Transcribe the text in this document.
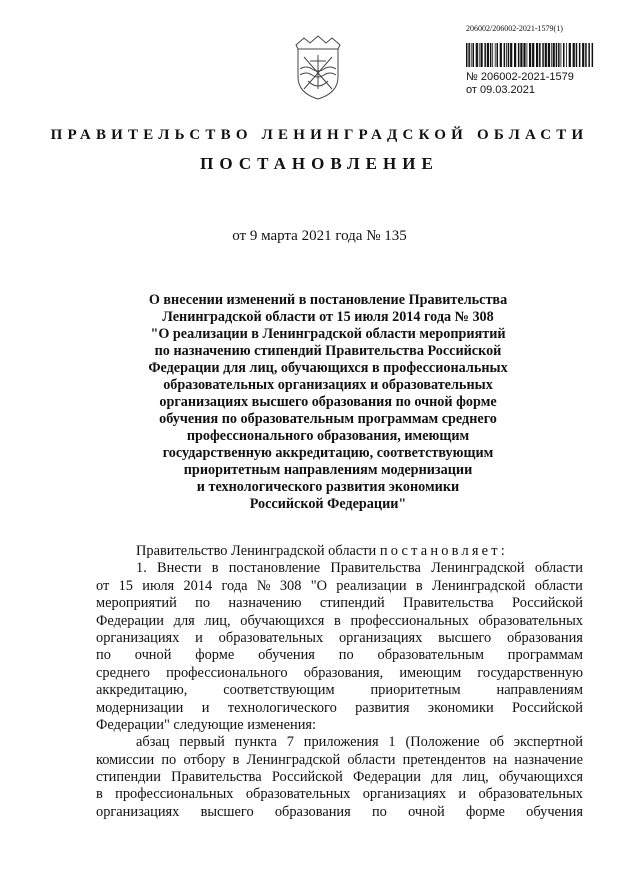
206002/206002-2021-1579(1)
№ 206002-2021-1579
от 09.03.2021
ПРАВИТЕЛЬСТВО ЛЕНИНГРАДСКОЙ ОБЛАСТИ
ПОСТАНОВЛЕНИЕ
от 9 марта 2021 года № 135
О внесении изменений в постановление Правительства
Ленинградской области от 15 июля 2014 года № 308
"О реализации в Ленинградской области мероприятий
по назначению стипендий Правительства Российской
Федерации для лиц, обучающихся в профессиональных
образовательных организациях и образовательных
организациях высшего образования по очной форме
обучения по образовательным программам среднего
профессионального образования, имеющим
государственную аккредитацию, соответствующим
приоритетным направлениям модернизации
и технологического развития экономики
Российской Федерации"
Правительство Ленинградской области постановляет:
1. Внести в постановление Правительства Ленинградской области
от 15 июля 2014 года № 308 "О реализации в Ленинградской области
мероприятий по назначению стипендий Правительства Российской
Федерации для лиц, обучающихся в профессиональных образовательных
организациях и образовательных организациях высшего образования
по очной форме обучения по образовательным программам
среднего профессионального образования, имеющим государственную
аккредитацию, соответствующим приоритетным направлениям
модернизации и технологического развития экономики Российской
Федерации" следующие изменения:
абзац первый пункта 7 приложения 1 (Положение об экспертной
комиссии по отбору в Ленинградской области претендентов на назначение
стипендии Правительства Российской Федерации для лиц, обучающихся
в профессиональных образовательных организациях и образовательных
организациях высшего образования по очной форме обучения
